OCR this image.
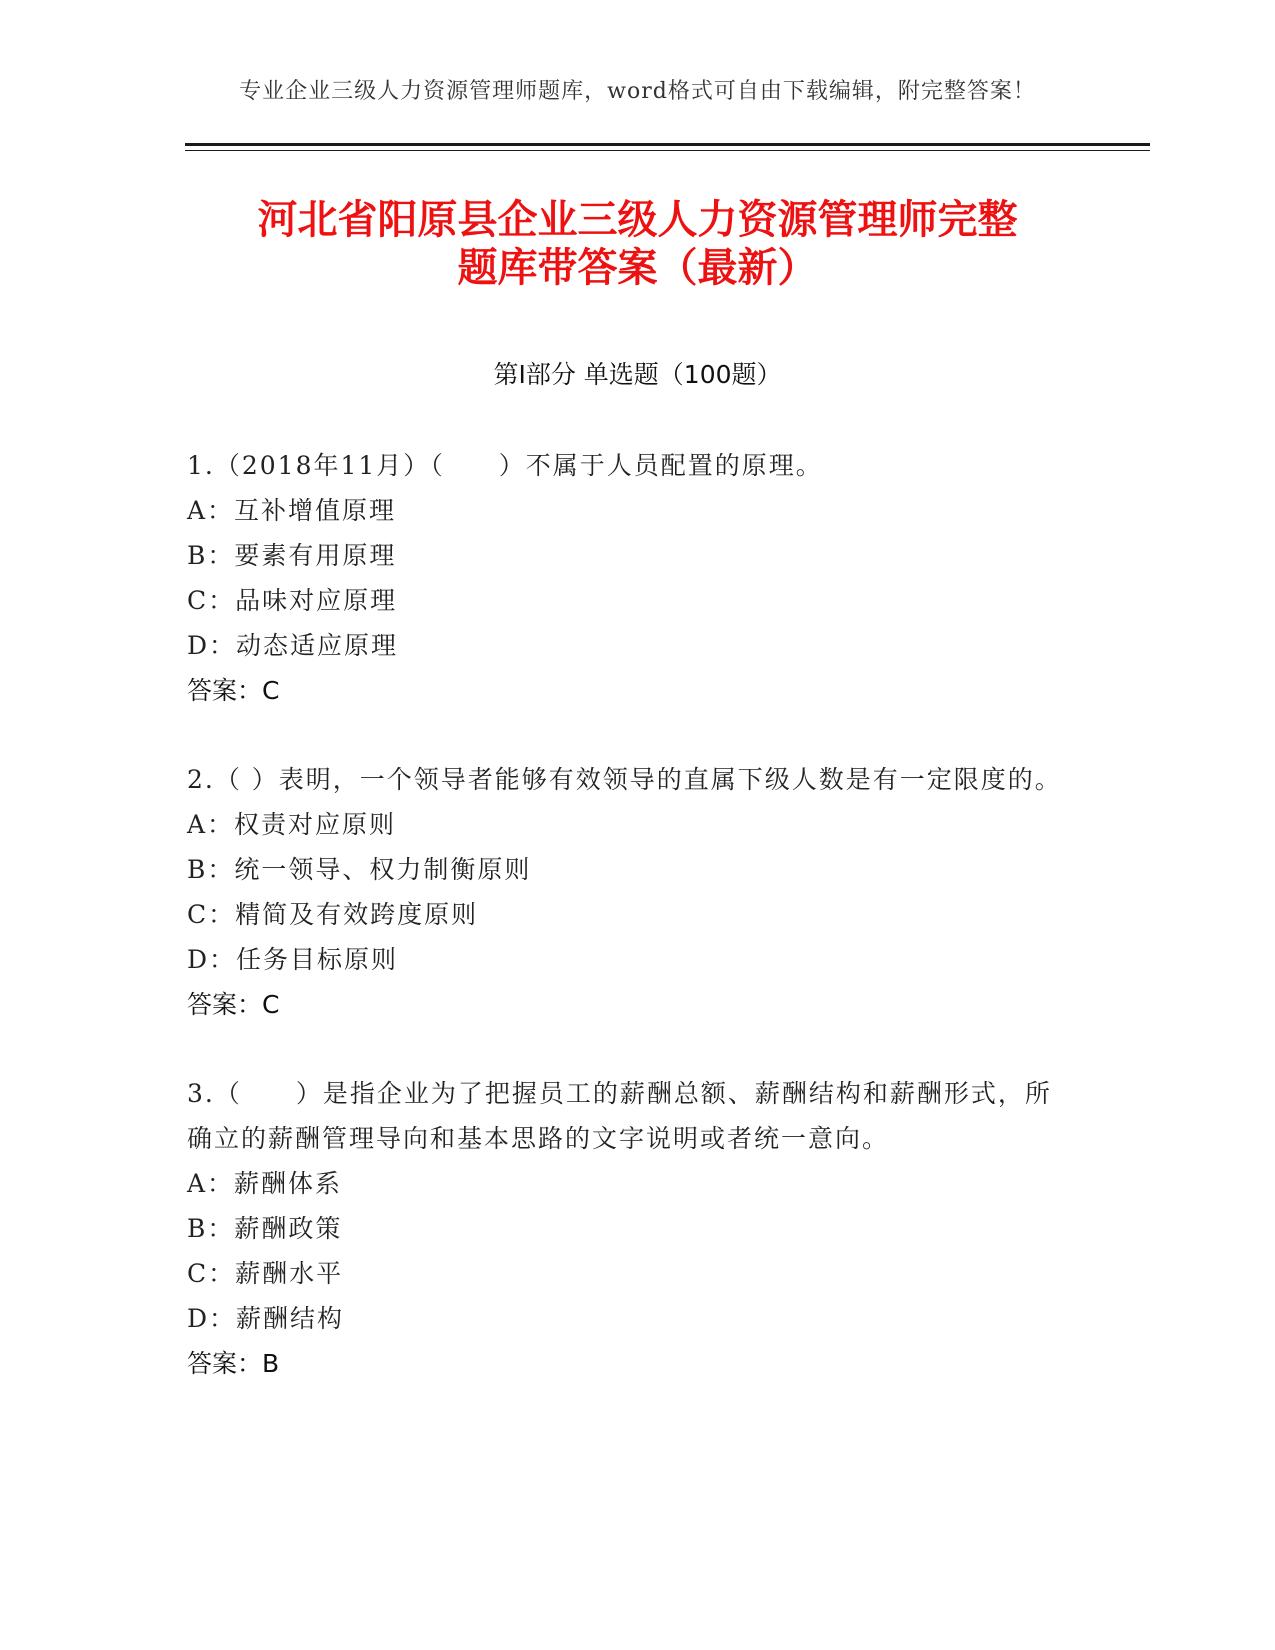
专业企业三级人力资源管理师题库，word格式可自由下载编辑，附完整答案！
河北省阳原县企业三级人力资源管理师完整
题库带答案（最新）
第Ⅰ部分 单选题（100题）

1.（2018年11月）（　　）不属于人员配置的原理。

A：互补增值原理

B：要素有用原理

C：品味对应原理

D：动态适应原理

答案：C

2.（ ）表明，一个领导者能够有效领导的直属下级人数是有一定限度的。

A：权责对应原则

B：统一领导、权力制衡原则

C：精简及有效跨度原则

D：任务目标原则

答案：C

3.（　　）是指企业为了把握员工的薪酬总额、薪酬结构和薪酬形式，所确立的薪酬管理导向和基本思路的文字说明或者统一意向。

A：薪酬体系

B：薪酬政策

C：薪酬水平

D：薪酬结构

答案：B
